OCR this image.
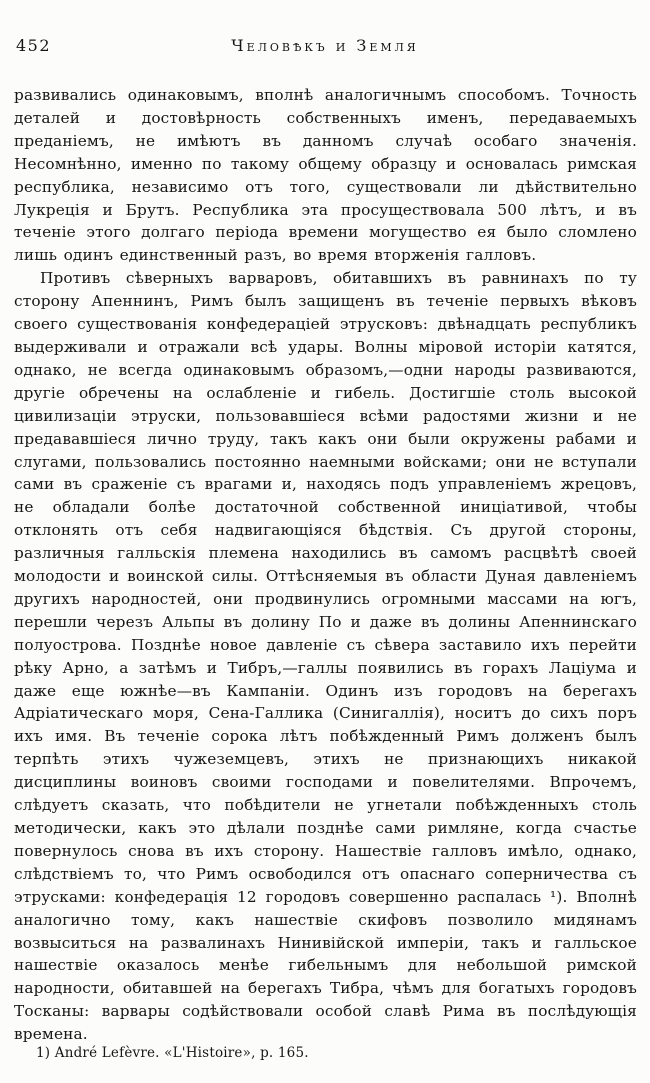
452	Человѣкъ и Земля

развивались одинаковымъ, вполнѣ аналогичнымъ способомъ. Точность деталей и достовѣрность собственныхъ именъ, передаваемыхъ преданіемъ, не имѣютъ въ данномъ случаѣ особаго значенія. Несомнѣнно, именно по такому общему образцу и основалась римская республика, независимо отъ того, существовали ли дѣйствительно Лукреція и Брутъ. Республика эта просуществовала 500 лѣтъ, и въ теченіе этого долгаго періода времени могущество ея было сломлено лишь одинъ единственный разъ, во время вторженія галловъ.

Противъ сѣверныхъ варваровъ, обитавшихъ въ равнинахъ по ту сторону Апеннинъ, Римъ былъ защищенъ въ теченіе первыхъ вѣковъ своего существованія конфедераціей этрусковъ: двѣнадцать республикъ выдерживали и отражали всѣ удары. Волны міровой исторіи катятся, однако, не всегда одинаковымъ образомъ,—одни народы развиваются, другіе обречены на ослабленіе и гибель. Достигшіе столь высокой цивилизаціи этруски, пользовавшіеся всѣми радостями жизни и не предававшіеся лично труду, такъ какъ они были окружены рабами и слугами, пользовались постоянно наемными войсками; они не вступали сами въ сраженіе съ врагами и, находясь подъ управленіемъ жрецовъ, не обладали болѣе достаточной собственной иниціативой, чтобы отклонять отъ себя надвигающіяся бѣдствія. Съ другой стороны, различныя галльскія племена находились въ самомъ расцвѣтѣ своей молодости и воинской силы. Оттѣсняемыя въ области Дуная давленіемъ другихъ народностей, они продвинулись огромными массами на югъ, перешли черезъ Альпы въ долину По и даже въ долины Апеннинскаго полуострова. Позднѣе новое давленіе съ сѣвера заставило ихъ перейти рѣку Арно, а затѣмъ и Тибръ,—галлы появились въ горахъ Лаціума и даже еще южнѣе—въ Кампаніи. Одинъ изъ городовъ на берегахъ Адріатическаго моря, Сена-Галлика (Синигаллія), носитъ до сихъ поръ ихъ имя. Въ теченіе сорока лѣтъ побѣжденный Римъ долженъ былъ терпѣть этихъ чужеземцевъ, этихъ не признающихъ никакой дисциплины воиновъ своими господами и повелителями. Впрочемъ, слѣдуетъ сказать, что побѣдители не угнетали побѣжденныхъ столь методически, какъ это дѣлали позднѣе сами римляне, когда счастье повернулось снова въ ихъ сторону. Нашествіе галловъ имѣло, однако, слѣдствіемъ то, что Римъ освободился отъ опаснаго соперничества съ этрусками: конфедерація 12 городовъ совершенно распалась ¹). Вполнѣ аналогично тому, какъ нашествіе скифовъ позволило мидянамъ возвыситься на развалинахъ Нинивійской имперіи, такъ и галльское нашествіе оказалось менѣе гибельнымъ для небольшой римской народности, обитавшей на берегахъ Тибра, чѣмъ для богатыхъ городовъ Тосканы: варвары содѣйствовали особой славѣ Рима въ послѣдующія времена.

1) André Lefèvre. «L'Histoire», p. 165.
